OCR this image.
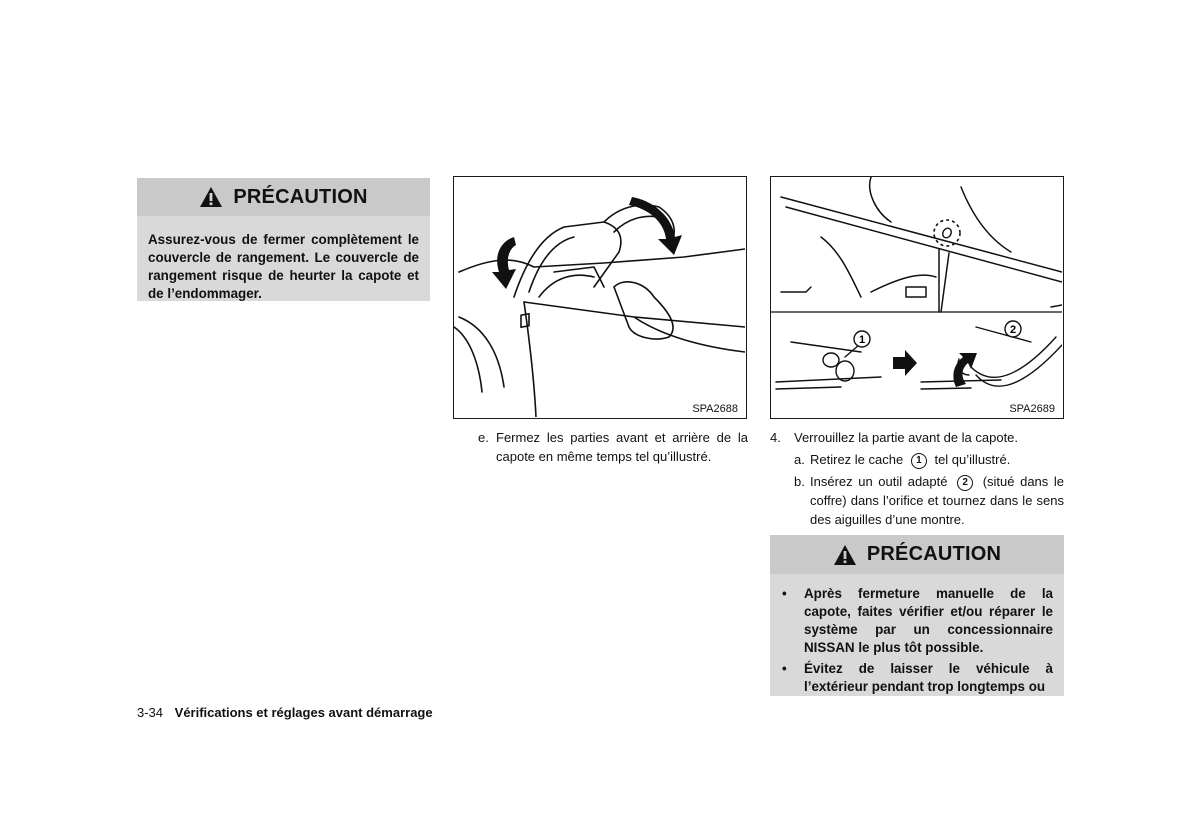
PRÉCAUTION
Assurez-vous de fermer complètement le couvercle de rangement. Le couvercle de rangement risque de heurter la capote et de l’endommager.
SPA2688
1
2
SPA2689
e. Fermez les parties avant et arrière de la capote en même temps tel qu’illustré.
4.	Verrouillez la partie avant de la capote.
a. Retirez le cache 1 tel qu’illustré.
b. Insérez un outil adapté 2 (situé dans le coffre) dans l’orifice et tournez dans le sens des aiguilles d’une montre.
PRÉCAUTION
• Après fermeture manuelle de la capote, faites vérifier et/ou réparer le système par un concessionnaire NISSAN le plus tôt possible.
• Évitez de laisser le véhicule à l’extérieur pendant trop longtemps ou
3-34 Vérifications et réglages avant démarrage
